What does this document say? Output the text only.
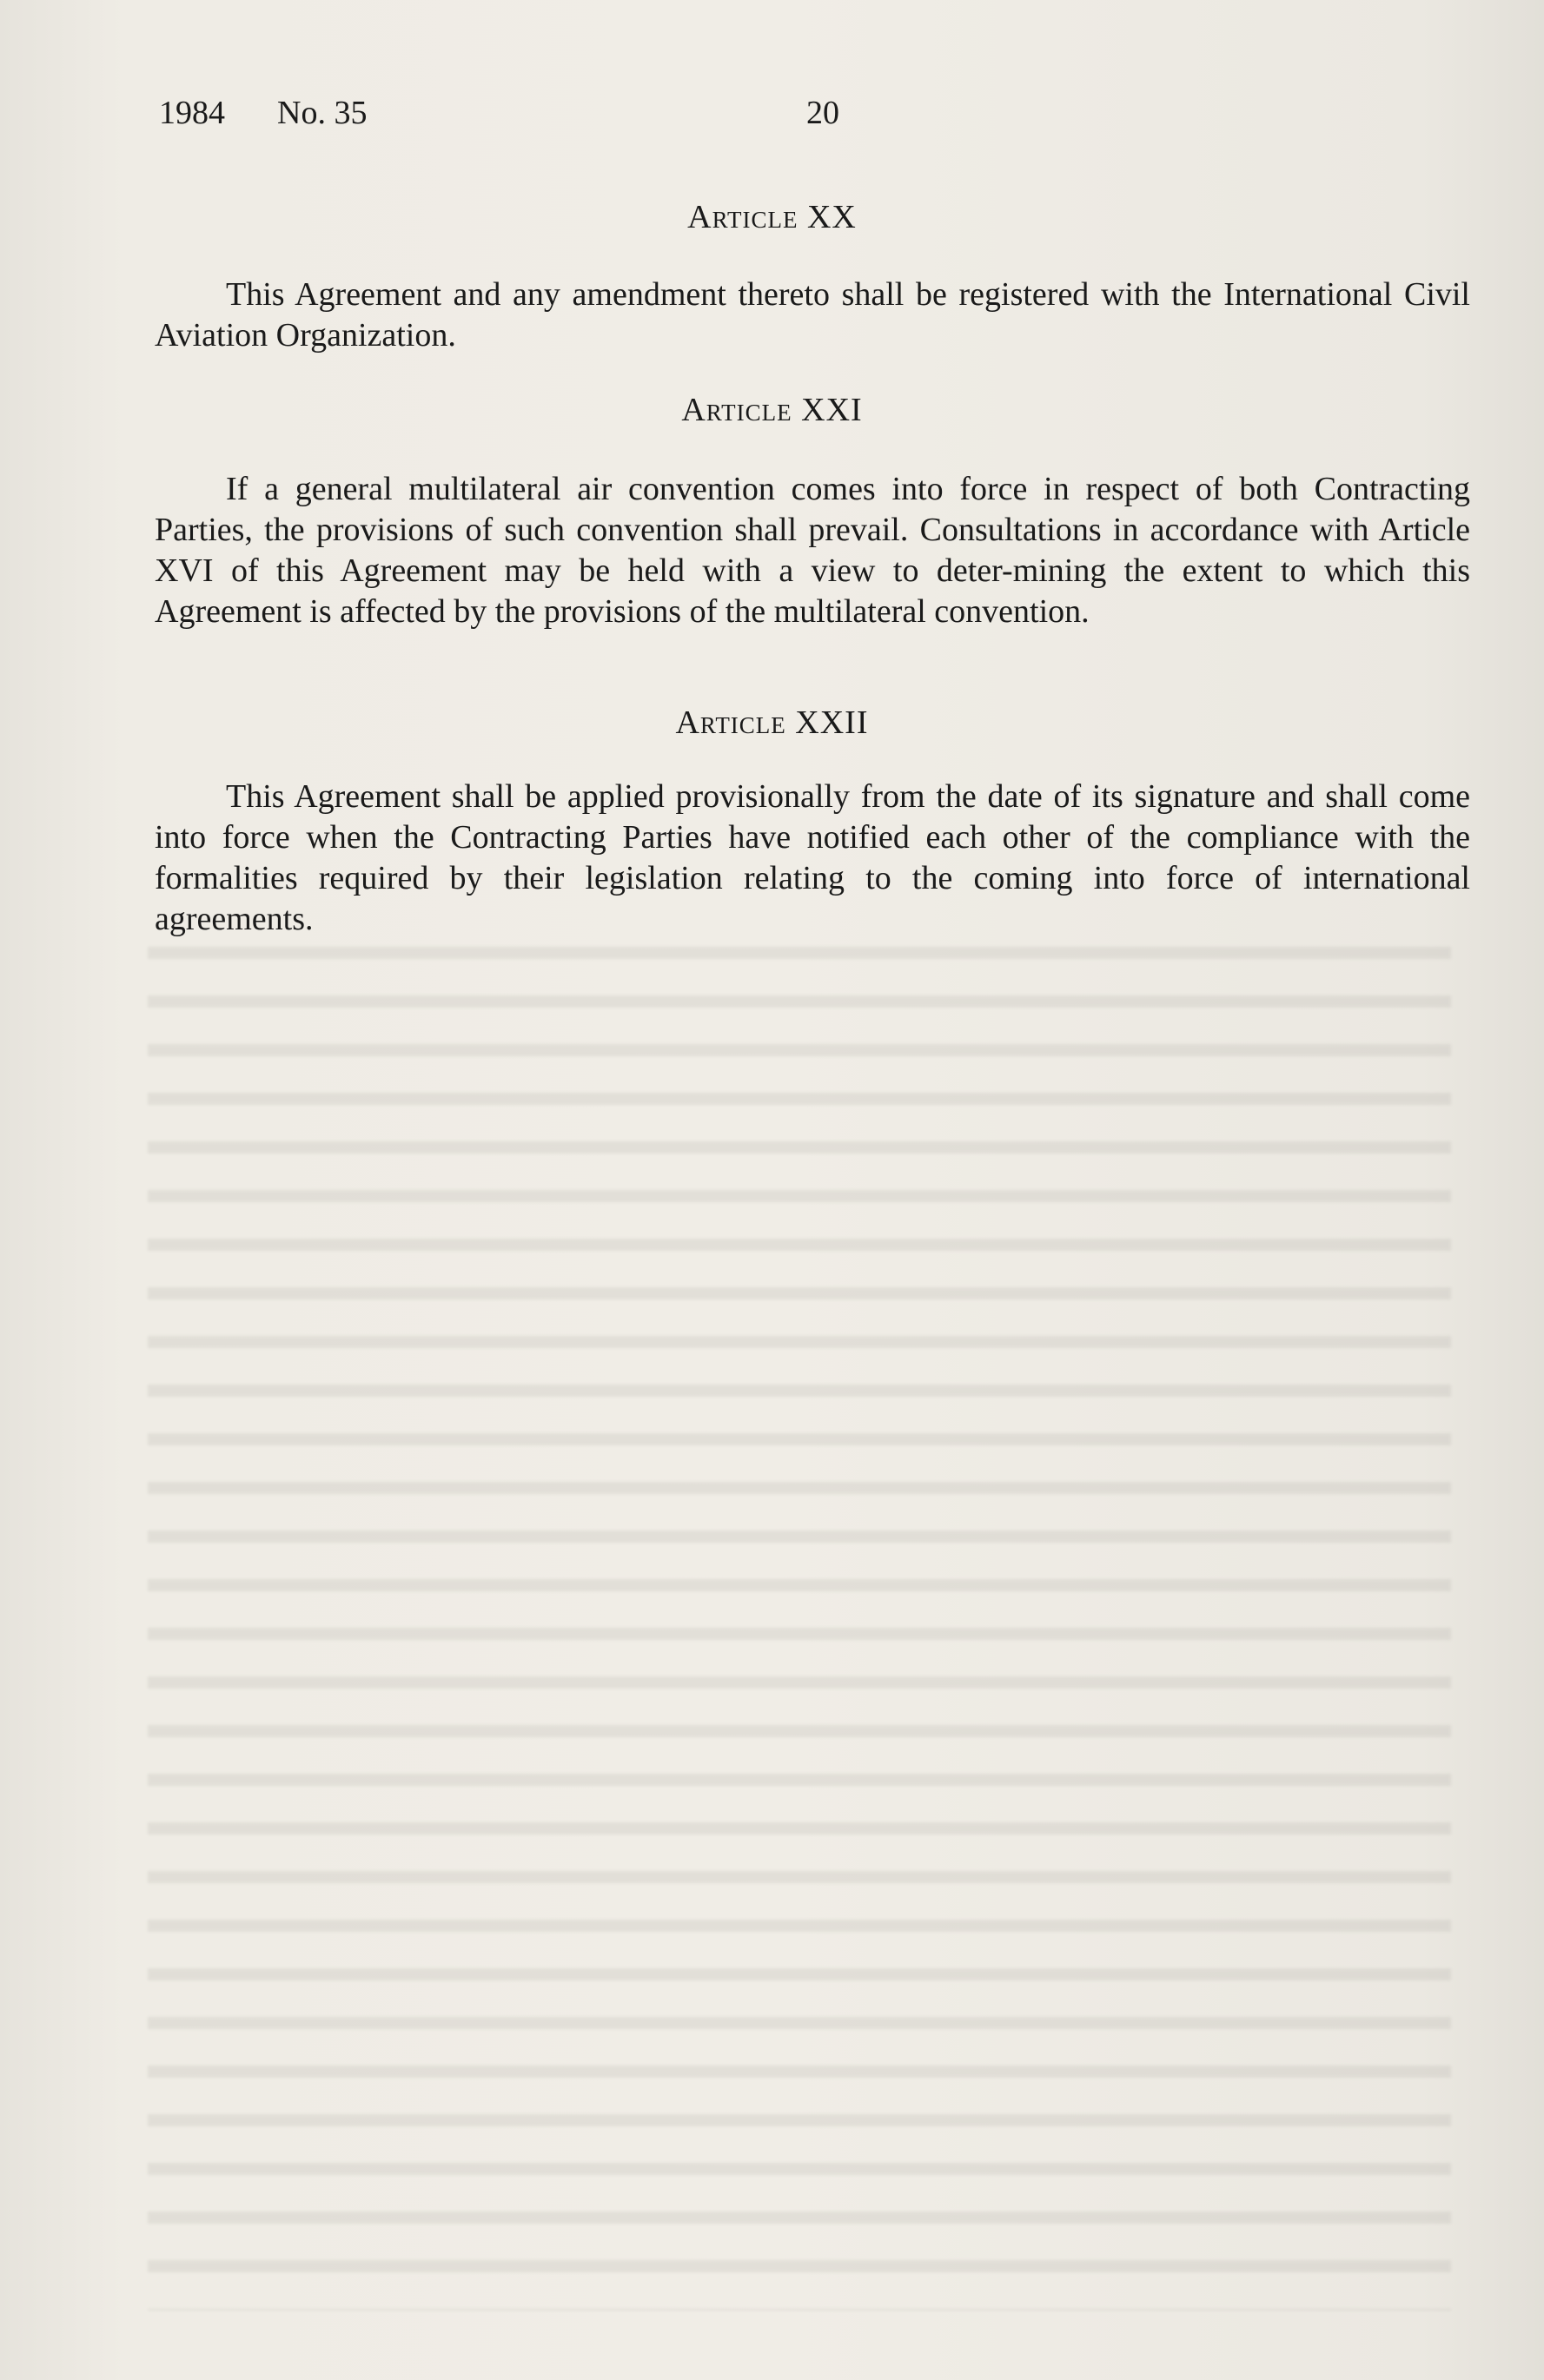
1984 No. 35	20
Article XX
This Agreement and any amendment thereto shall be registered with the International Civil Aviation Organization.
Article XXI
If a general multilateral air convention comes into force in respect of both Contracting Parties, the provisions of such convention shall prevail. Consultations in accordance with Article XVI of this Agreement may be held with a view to deter-mining the extent to which this Agreement is affected by the provisions of the multilateral convention.
Article XXII
This Agreement shall be applied provisionally from the date of its signature and shall come into force when the Contracting Parties have notified each other of the compliance with the formalities required by their legislation relating to the coming into force of international agreements.
